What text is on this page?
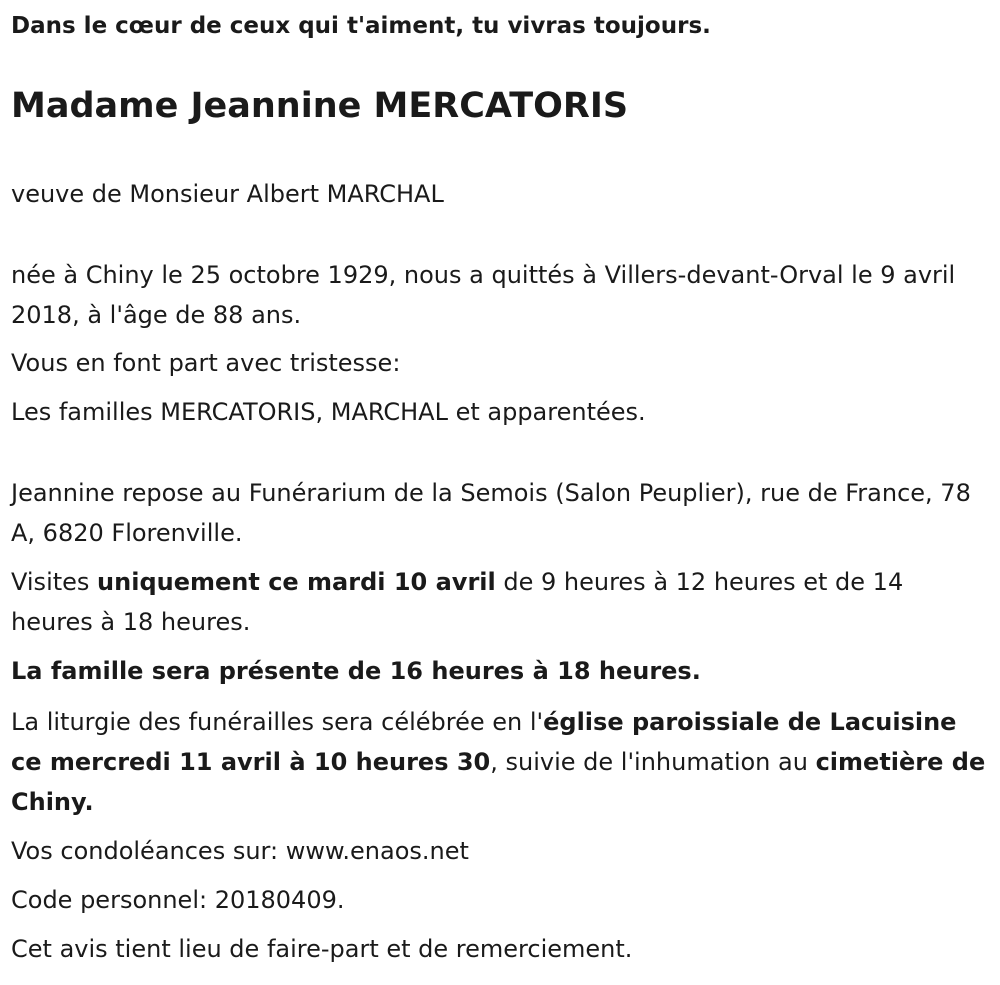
Dans le cœur de ceux qui t'aiment, tu vivras toujours.

Madame Jeannine MERCATORIS

veuve de Monsieur Albert MARCHAL

née à Chiny le 25 octobre 1929, nous a quittés à Villers-devant-Orval le 9 avril 2018, à l'âge de 88 ans.

Vous en font part avec tristesse:

Les familles MERCATORIS, MARCHAL et apparentées.

Jeannine repose au Funérarium de la Semois (Salon Peuplier), rue de France, 78 A, 6820 Florenville.

Visites uniquement ce mardi 10 avril de 9 heures à 12 heures et de 14 heures à 18 heures.

La famille sera présente de 16 heures à 18 heures.

La liturgie des funérailles sera célébrée en l'église paroissiale de Lacuisine ce mercredi 11 avril à 10 heures 30, suivie de l'inhumation au cimetière de Chiny.

Vos condoléances sur: www.enaos.net

Code personnel: 20180409.

Cet avis tient lieu de faire-part et de remerciement.
